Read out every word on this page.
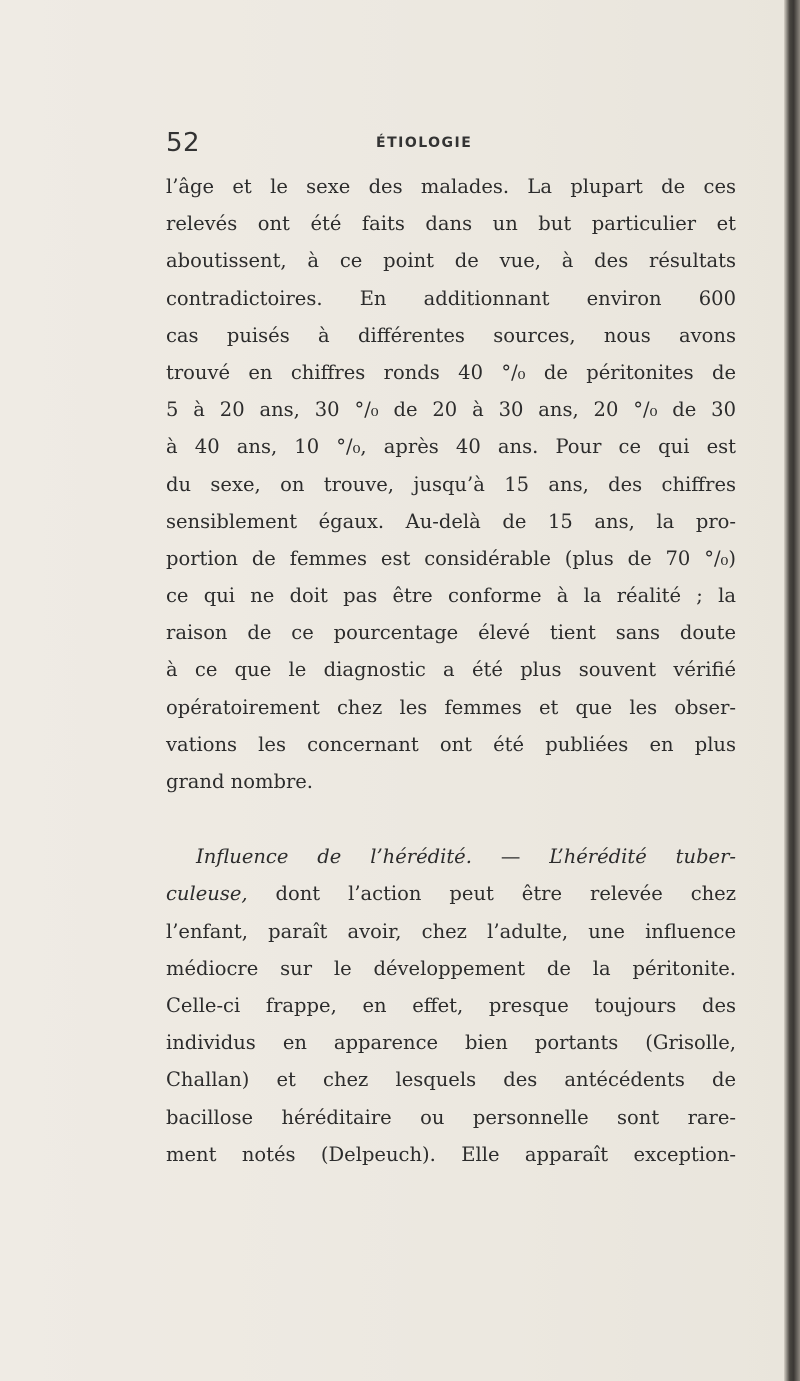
52	ÉTIOLOGIE
l’âge et le sexe des malades. La plupart de ces
relevés ont été faits dans un but particulier et
aboutissent, à ce point de vue, à des résultats
contradictoires. En additionnant environ 600
cas puisés à différentes sources, nous avons
trouvé en chiffres ronds 40 °/₀ de péritonites de
5 à 20 ans, 30 °/₀ de 20 à 30 ans, 20 °/₀ de 30
à 40 ans, 10 °/₀, après 40 ans. Pour ce qui est
du sexe, on trouve, jusqu’à 15 ans, des chiffres
sensiblement égaux. Au-delà de 15 ans, la pro-
portion de femmes est considérable (plus de 70 °/₀)
ce qui ne doit pas être conforme à la réalité ; la
raison de ce pourcentage élevé tient sans doute
à ce que le diagnostic a été plus souvent vérifié
opératoirement chez les femmes et que les obser-
vations les concernant ont été publiées en plus
grand nombre.
Influence de l’hérédité. — L’hérédité tuber-
culeuse, dont l’action peut être relevée chez
l’enfant, paraît avoir, chez l’adulte, une influence
médiocre sur le développement de la péritonite.
Celle-ci frappe, en effet, presque toujours des
individus en apparence bien portants (Grisolle,
Challan) et chez lesquels des antécédents de
bacillose héréditaire ou personnelle sont rare-
ment notés (Delpeuch). Elle apparaît exception-
